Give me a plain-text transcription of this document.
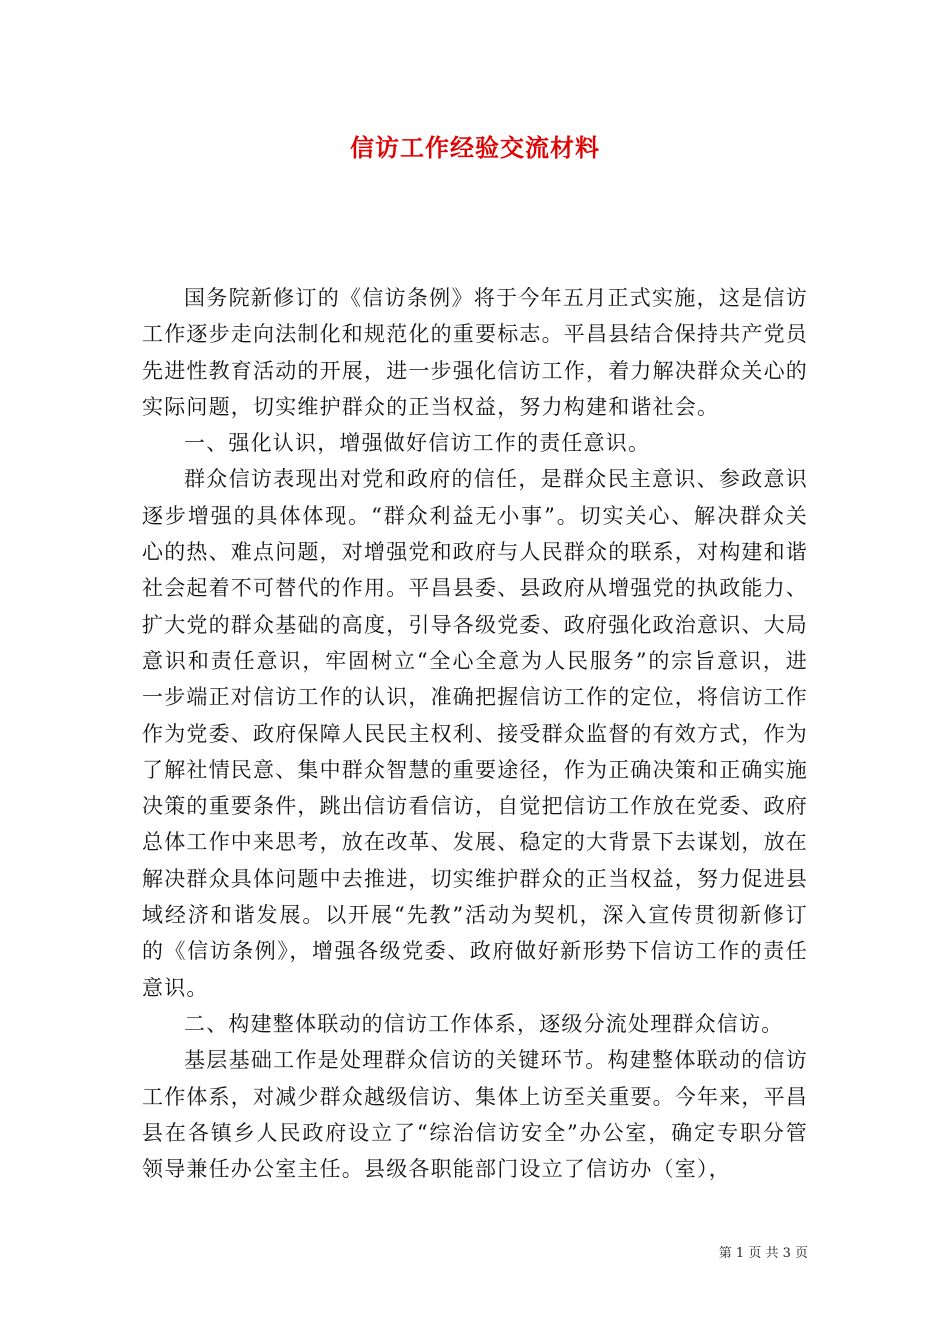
信访工作经验交流材料

国务院新修订的《信访条例》将于今年五月正式实施，这是信访工作逐步走向法制化和规范化的重要标志。平昌县结合保持共产党员先进性教育活动的开展，进一步强化信访工作，着力解决群众关心的实际问题，切实维护群众的正当权益，努力构建和谐社会。

一、强化认识，增强做好信访工作的责任意识。

群众信访表现出对党和政府的信任，是群众民主意识、参政意识逐步增强的具体体现。“群众利益无小事”。切实关心、解决群众关心的热、难点问题，对增强党和政府与人民群众的联系，对构建和谐社会起着不可替代的作用。平昌县委、县政府从增强党的执政能力、扩大党的群众基础的高度，引导各级党委、政府强化政治意识、大局意识和责任意识，牢固树立“全心全意为人民服务”的宗旨意识，进一步端正对信访工作的认识，准确把握信访工作的定位，将信访工作作为党委、政府保障人民民主权利、接受群众监督的有效方式，作为了解社情民意、集中群众智慧的重要途径，作为正确决策和正确实施决策的重要条件，跳出信访看信访，自觉把信访工作放在党委、政府总体工作中来思考，放在改革、发展、稳定的大背景下去谋划，放在解决群众具体问题中去推进，切实维护群众的正当权益，努力促进县域经济和谐发展。以开展“先教”活动为契机，深入宣传贯彻新修订的《信访条例》，增强各级党委、政府做好新形势下信访工作的责任意识。

二、构建整体联动的信访工作体系，逐级分流处理群众信访。

基层基础工作是处理群众信访的关键环节。构建整体联动的信访工作体系，对减少群众越级信访、集体上访至关重要。今年来，平昌县在各镇乡人民政府设立了“综治信访安全”办公室，确定专职分管领导兼任办公室主任。县级各职能部门设立了信访办（室），

第 1 页 共 3 页
